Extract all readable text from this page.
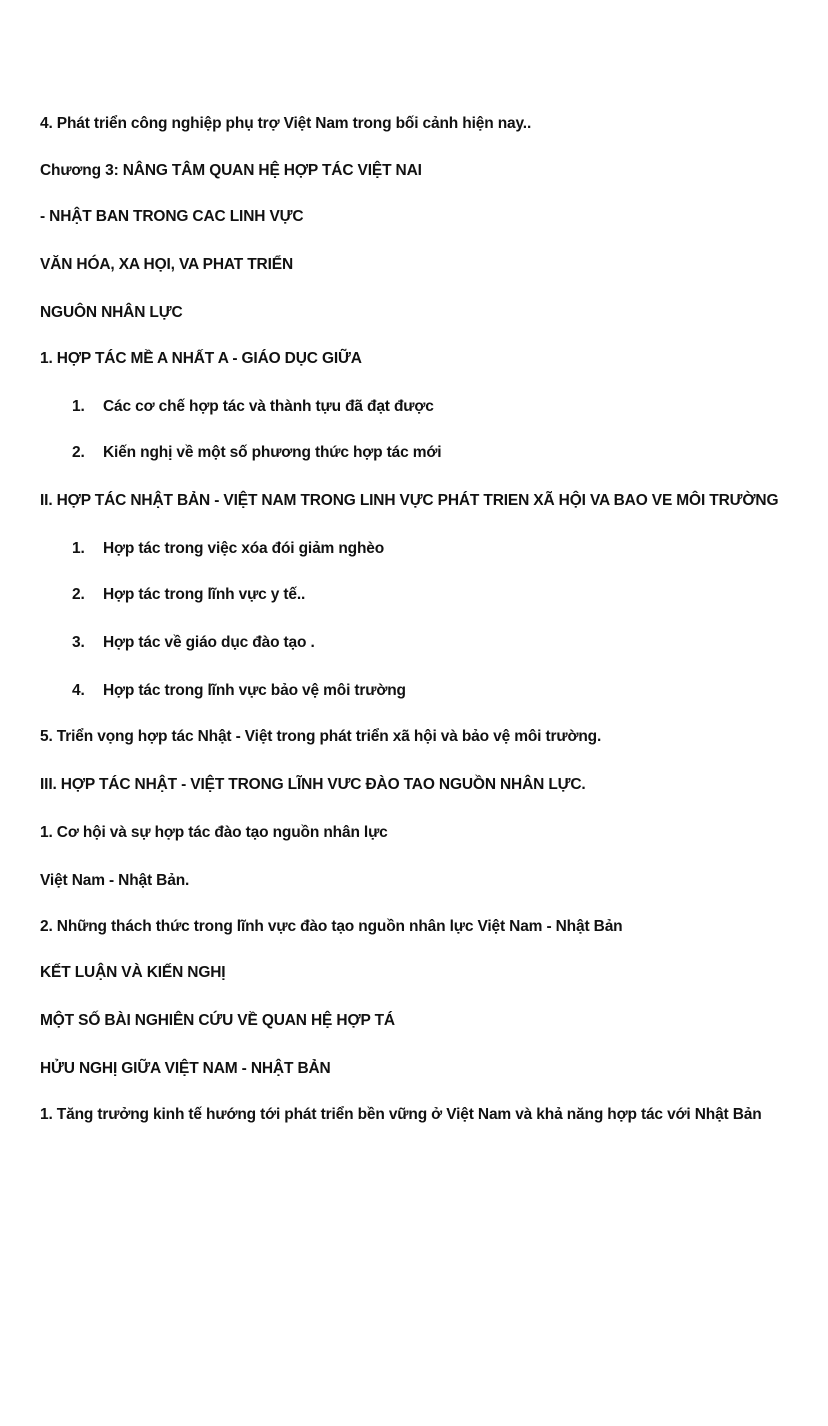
4. Phát triển công nghiệp phụ trợ Việt Nam trong bối cảnh hiện nay..
Chương 3: NÂNG TÂM QUAN HỆ HỢP TÁC VIỆT NAI
- NHẬT BAN TRONG CAC LINH VỰC
VĂN HÓA, XA HỌI, VA PHAT TRIỂN
NGUÔN NHÂN LỰC
1. HỢP TÁC MỀ A NHẤT A - GIÁO DỤC GIỮA
1. Các cơ chế hợp tác và thành tựu đã đạt được
2. Kiến nghị về một số phương thức hợp tác mới
II. HỢP TÁC NHẬT BẢN - VIỆT NAM TRONG LINH VỰC PHÁT TRIEN XÃ HỘI VA BAO VE MÔI TRƯỜNG
1. Hợp tác trong việc xóa đói giảm nghèo
2. Hợp tác trong lĩnh vực y tế..
3. Hợp tác về giáo dục đào tạo .
4. Hợp tác trong lĩnh vực bảo vệ môi trường
5. Triển vọng hợp tác Nhật - Việt trong phát triển xã hội và bảo vệ môi trường.
III. HỢP TÁC NHẬT - VIỆT TRONG LĨNH VƯC ĐÀO TAO NGUỒN NHÂN LỰC.
1. Cơ hội và sự hợp tác đào tạo nguồn nhân lực
Việt Nam - Nhật Bản.
2. Những thách thức trong lĩnh vực đào tạo nguồn nhân lực Việt Nam - Nhật Bản
KẾT LUẬN VÀ KIẾN NGHỊ
MỘT SỐ BÀI NGHIÊN CỨU VỀ QUAN HỆ HỢP TÁ
HỬU NGHỊ GIỮA VIỆT NAM - NHẬT BẢN
1. Tăng trưởng kinh tế hướng tới phát triển bền vững ở Việt Nam và khả năng hợp tác với Nhật Bản
